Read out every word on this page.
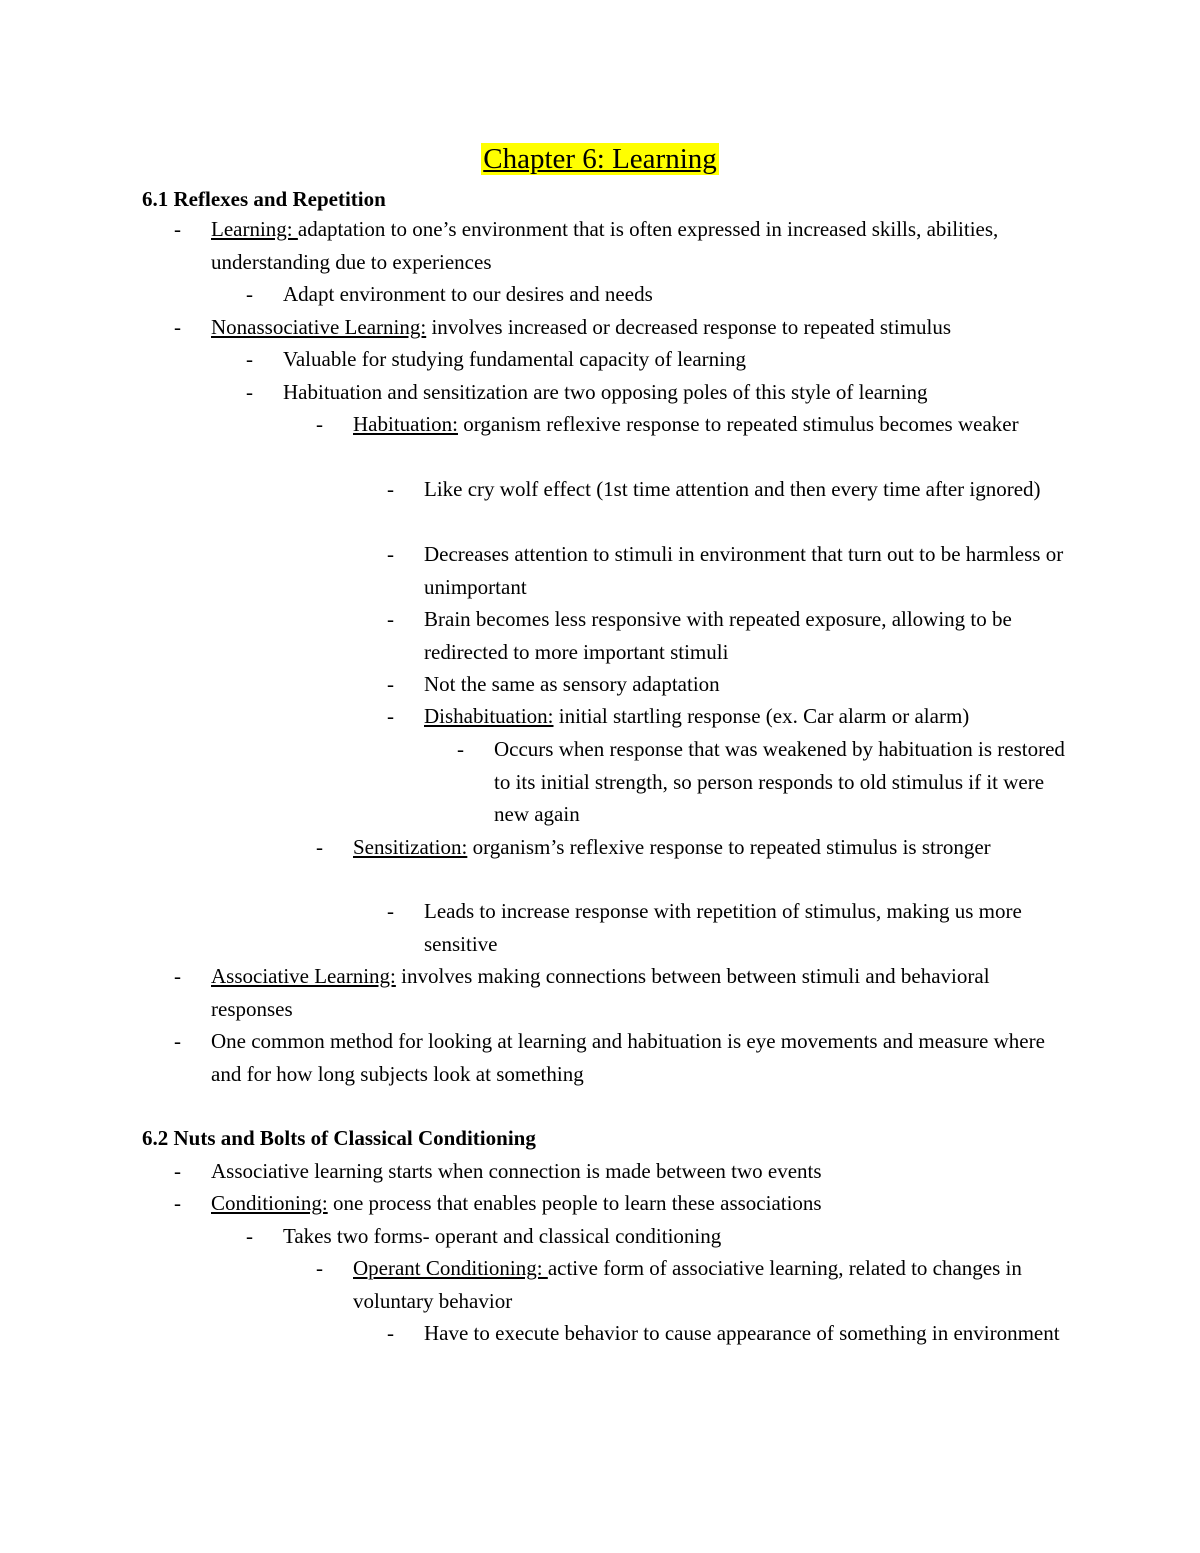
Chapter 6: Learning
6.1 Reflexes and Repetition
-	Learning: adaptation to one’s environment that is often expressed in increased skills, abilities, understanding due to experiences
-	Adapt environment to our desires and needs
-	Nonassociative Learning: involves increased or decreased response to repeated stimulus
-	Valuable for studying fundamental capacity of learning
-	Habituation and sensitization are two opposing poles of this style of learning
-	Habituation: organism reflexive response to repeated stimulus becomes weaker
-	Like cry wolf effect (1st time attention and then every time after ignored)
-	Decreases attention to stimuli in environment that turn out to be harmless or unimportant
-	Brain becomes less responsive with repeated exposure, allowing to be redirected to more important stimuli
-	Not the same as sensory adaptation
-	Dishabituation: initial startling response (ex. Car alarm or alarm)
-	Occurs when response that was weakened by habituation is restored to its initial strength, so person responds to old stimulus if it were new again
-	Sensitization: organism’s reflexive response to repeated stimulus is stronger
-	Leads to increase response with repetition of stimulus, making us more sensitive
-	Associative Learning: involves making connections between between stimuli and behavioral responses
-	One common method for looking at learning and habituation is eye movements and measure where and for how long subjects look at something
6.2 Nuts and Bolts of Classical Conditioning
-	Associative learning starts when connection is made between two events
-	Conditioning: one process that enables people to learn these associations
-	Takes two forms- operant and classical conditioning
-	Operant Conditioning: active form of associative learning, related to changes in voluntary behavior
-	Have to execute behavior to cause appearance of something in environment
